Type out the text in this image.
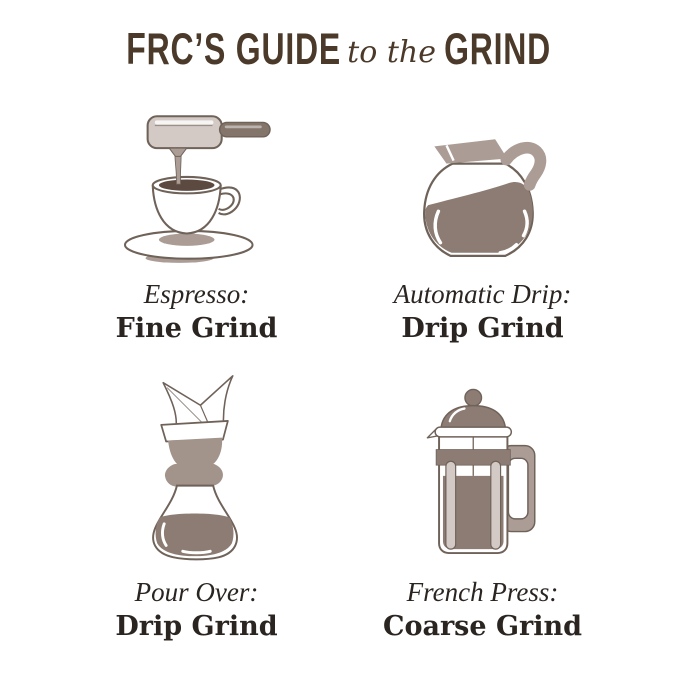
FRC’S GUIDE to the GRIND
Espresso:
Fine Grind
Automatic Drip:
Drip Grind
Pour Over:
Drip Grind
French Press:
Coarse Grind
